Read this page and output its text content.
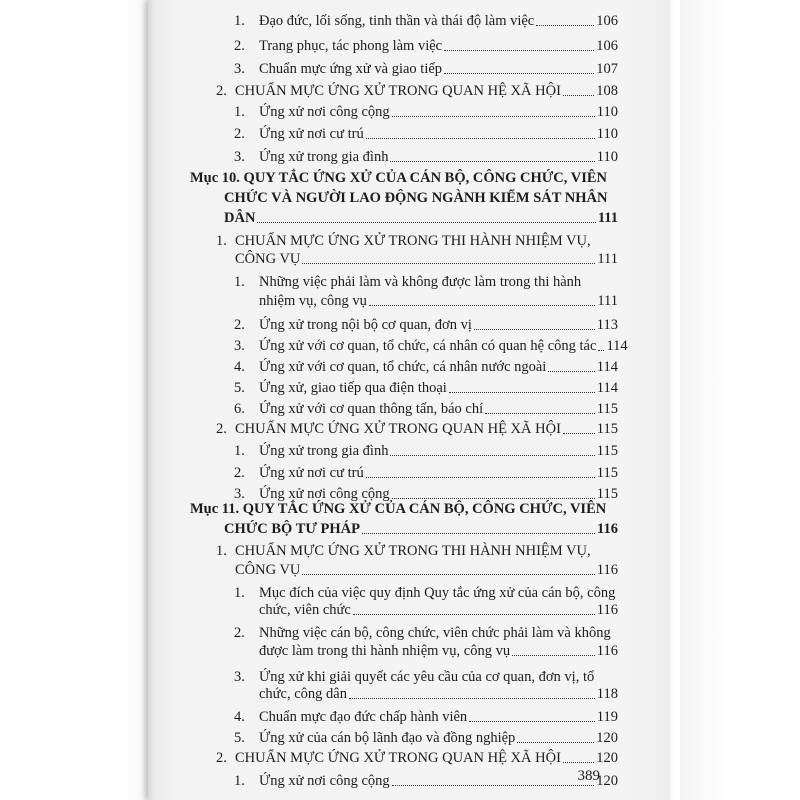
1. Đạo đức, lối sống, tinh thần và thái độ làm việc	106
2. Trang phục, tác phong làm việc	106
3. Chuẩn mực ứng xử và giao tiếp	107
2. CHUẨN MỰC ỨNG XỬ TRONG QUAN HỆ XÃ HỘI 108
1. Ứng xử nơi công cộng	110
2. Ứng xử nơi cư trú	110
3. Ứng xử trong gia đình	110
Mục 10. QUY TẮC ỨNG XỬ CỦA CÁN BỘ, CÔNG CHỨC, VIÊN
CHỨC VÀ NGƯỜI LAO ĐỘNG NGÀNH KIỂM SÁT NHÂN
DÂN	111
1. CHUẨN MỰC ỨNG XỬ TRONG THI HÀNH NHIỆM VỤ,
CÔNG VỤ	111
1. Những việc phải làm và không được làm trong thi hành
nhiệm vụ, công vụ	111
2. Ứng xử trong nội bộ cơ quan, đơn vị	113
3. Ứng xử với cơ quan, tổ chức, cá nhân có quan hệ công tác 114
4. Ứng xử với cơ quan, tổ chức, cá nhân nước ngoài	114
5. Ứng xử, giao tiếp qua điện thoại	114
6. Ứng xử với cơ quan thông tấn, báo chí	115
2. CHUẨN MỰC ỨNG XỬ TRONG QUAN HỆ XÃ HỘI 115
1. Ứng xử trong gia đình	115
2. Ứng xử nơi cư trú	115
3. Ứng xử nơi công cộng	115
Mục 11. QUY TẮC ỨNG XỬ CỦA CÁN BỘ, CÔNG CHỨC, VIÊN
CHỨC BỘ TƯ PHÁP	116
1. CHUẨN MỰC ỨNG XỬ TRONG THI HÀNH NHIỆM VỤ,
CÔNG VỤ	116
1. Mục đích của việc quy định Quy tắc ứng xử của cán bộ, công
chức, viên chức	116
2. Những việc cán bộ, công chức, viên chức phải làm và không
được làm trong thi hành nhiệm vụ, công vụ	116
3. Ứng xử khi giải quyết các yêu cầu của cơ quan, đơn vị, tổ
chức, công dân	118
4. Chuẩn mực đạo đức chấp hành viên	119
5. Ứng xử của cán bộ lãnh đạo và đồng nghiệp	120
2. CHUẨN MỰC ỨNG XỬ TRONG QUAN HỆ XÃ HỘI 120
1. Ứng xử nơi công cộng	120
389
